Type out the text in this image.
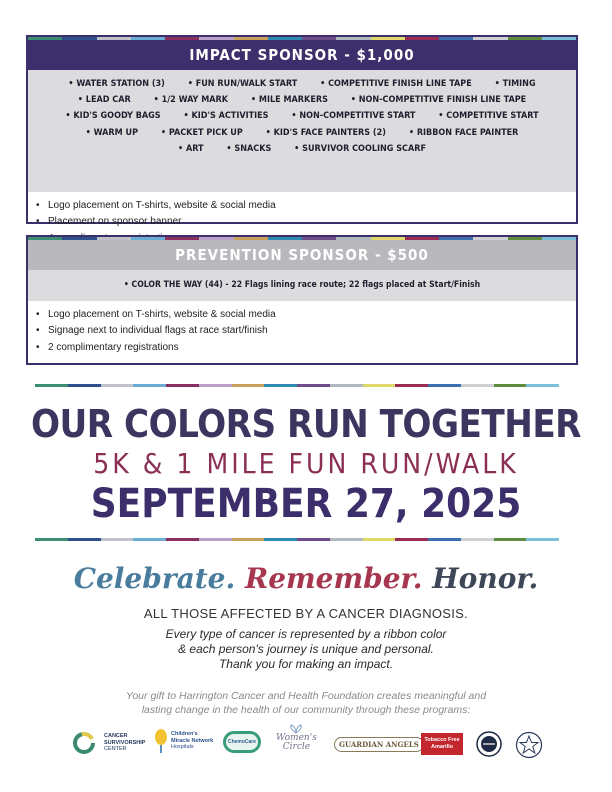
IMPACT SPONSOR - $1,000
• WATER STATION (3)	• FUN RUN/WALK START	• COMPETITIVE FINISH LINE TAPE	• TIMING
• LEAD CAR	• 1/2 WAY MARK	• MILE MARKERS	• NON-COMPETITIVE FINISH LINE TAPE
• KID'S GOODY BAGS	• KID'S ACTIVITIES	• NON-COMPETITIVE START	• COMPETITIVE START
• WARM UP	• PACKET PICK UP	• KID'S FACE PAINTERS (2)	• RIBBON FACE PAINTER
• ART	• SNACKS	• SURVIVOR COOLING SCARF
• Logo placement on T-shirts, website & social media
• Placement on sponsor banner
•
PREVENTION SPONSOR - $500
• COLOR THE WAY (44) - 22 Flags lining race route; 22 flags placed at Start/Finish
• Logo placement on T-shirts, website & social media
• Signage next to individual flags at race start/finish
• 2 complimentary registrations
OUR COLORS RUN TOGETHER
5K & 1 MILE FUN RUN/WALK
SEPTEMBER 27, 2025
Celebrate. Remember. Honor.
ALL THOSE AFFECTED BY A CANCER DIAGNOSIS.
Every type of cancer is represented by a ribbon color
& each person's journey is unique and personal.
Thank you for making an impact.
Your gift to Harrington Cancer and Health Foundation creates meaningful and
lasting change in the health of our community through these programs:
CANCER
SURVIVORSHIP
CENTER
Children's
Miracle Network
Hospitals
ChemoCare Women's
Circle	GUARDIAN ANGELS Tobacco Free
Amarillo
